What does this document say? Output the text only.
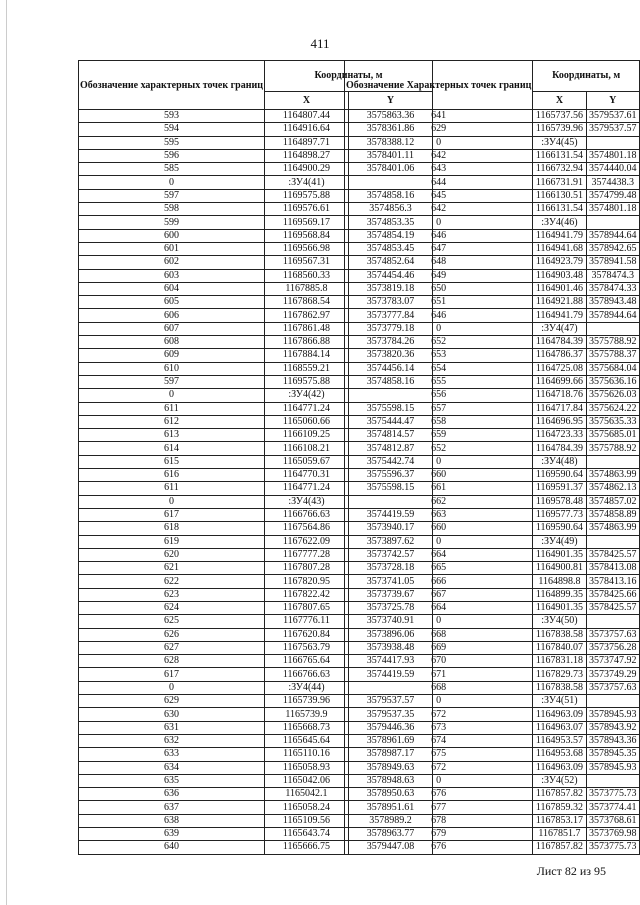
411
Обозначение характерных точек границ	Координаты, м	
	X	Y
593	1164807.44	3575863.36
594	1164916.64	3578361.86
595	1164897.71	3578388.12
596	1164898.27	3578401.11
585	1164900.29	3578401.06
0	:ЗУ4(41)	
597	1169575.88	3574858.16
598	1169576.61	3574856.3
599	1169569.17	3574853.35
600	1169568.84	3574854.19
601	1169566.98	3574853.45
602	1169567.31	3574852.64
603	1168560.33	3574454.46
604	1167885.8	3573819.18
605	1167868.54	3573783.07
606	1167862.97	3573777.84
607	1167861.48	3573779.18
608	1167866.88	3573784.26
609	1167884.14	3573820.36
610	1168559.21	3574456.14
597	1169575.88	3574858.16
0	:ЗУ4(42)	
611	1164771.24	3575598.15
612	1165060.66	3575444.47
613	1166109.25	3574814.57
614	1166108.21	3574812.87
615	1165059.67	3575442.74
616	1164770.31	3575596.37
611	1164771.24	3575598.15
0	:ЗУ4(43)	
617	1166766.63	3574419.59
618	1167564.86	3573940.17
619	1167622.09	3573897.62
620	1167777.28	3573742.57
621	1167807.28	3573728.18
622	1167820.95	3573741.05
623	1167822.42	3573739.67
624	1167807.65	3573725.78
625	1167776.11	3573740.91
626	1167620.84	3573896.06
627	1167563.79	3573938.48
628	1166765.64	3574417.93
617	1166766.63	3574419.59
0	:ЗУ4(44)	
629	1165739.96	3579537.57
630	1165739.9	3579537.35
631	1165668.73	3579446.36
632	1165645.64	3578961.69
633	1165110.16	3578987.17
634	1165058.93	3578949.63
635	1165042.06	3578948.63
636	1165042.1	3578950.63
637	1165058.24	3578951.61
638	1165109.56	3578989.2
639	1165643.74	3578963.77
640	1165666.75	3579447.08
Обозначение Характерных точек границ	Координаты, м	
	X	Y
641	1165737.56	3579537.61
629	1165739.96	3579537.57
0	:ЗУ4(45)	
642	1166131.54	3574801.18
643	1166732.94	3574440.04
644	1166731.91	3574438.3
645	1166130.51	3574799.48
642	1166131.54	3574801.18
0	:ЗУ4(46)	
646	1164941.79	3578944.64
647	1164941.68	3578942.65
648	1164923.79	3578941.58
649	1164903.48	3578474.3
650	1164901.46	3578474.33
651	1164921.88	3578943.48
646	1164941.79	3578944.64
0	:ЗУ4(47)	
652	1164784.39	3575788.92
653	1164786.37	3575788.37
654	1164725.08	3575684.04
655	1164699.66	3575636.16
656	1164718.76	3575626.03
657	1164717.84	3575624.22
658	1164696.95	3575635.33
659	1164723.33	3575685.01
652	1164784.39	3575788.92
0	:ЗУ4(48)	
660	1169590.64	3574863.99
661	1169591.37	3574862.13
662	1169578.48	3574857.02
663	1169577.73	3574858.89
660	1169590.64	3574863.99
0	:ЗУ4(49)	
664	1164901.35	3578425.57
665	1164900.81	3578413.08
666	1164898.8	3578413.16
667	1164899.35	3578425.66
664	1164901.35	3578425.57
0	:ЗУ4(50)	
668	1167838.58	3573757.63
669	1167840.07	3573756.28
670	1167831.18	3573747.92
671	1167829.73	3573749.29
668	1167838.58	3573757.63
0	:ЗУ4(51)	
672	1164963.09	3578945.93
673	1164963.07	3578943.92
674	1164953.57	3578943.36
675	1164953.68	3578945.35
672	1164963.09	3578945.93
0	:ЗУ4(52)	
676	1167857.82	3573775.73
677	1167859.32	3573774.41
678	1167853.17	3573768.61
679	1167851.7	3573769.98
676	1167857.82	3573775.73
Лист 82 из 95
